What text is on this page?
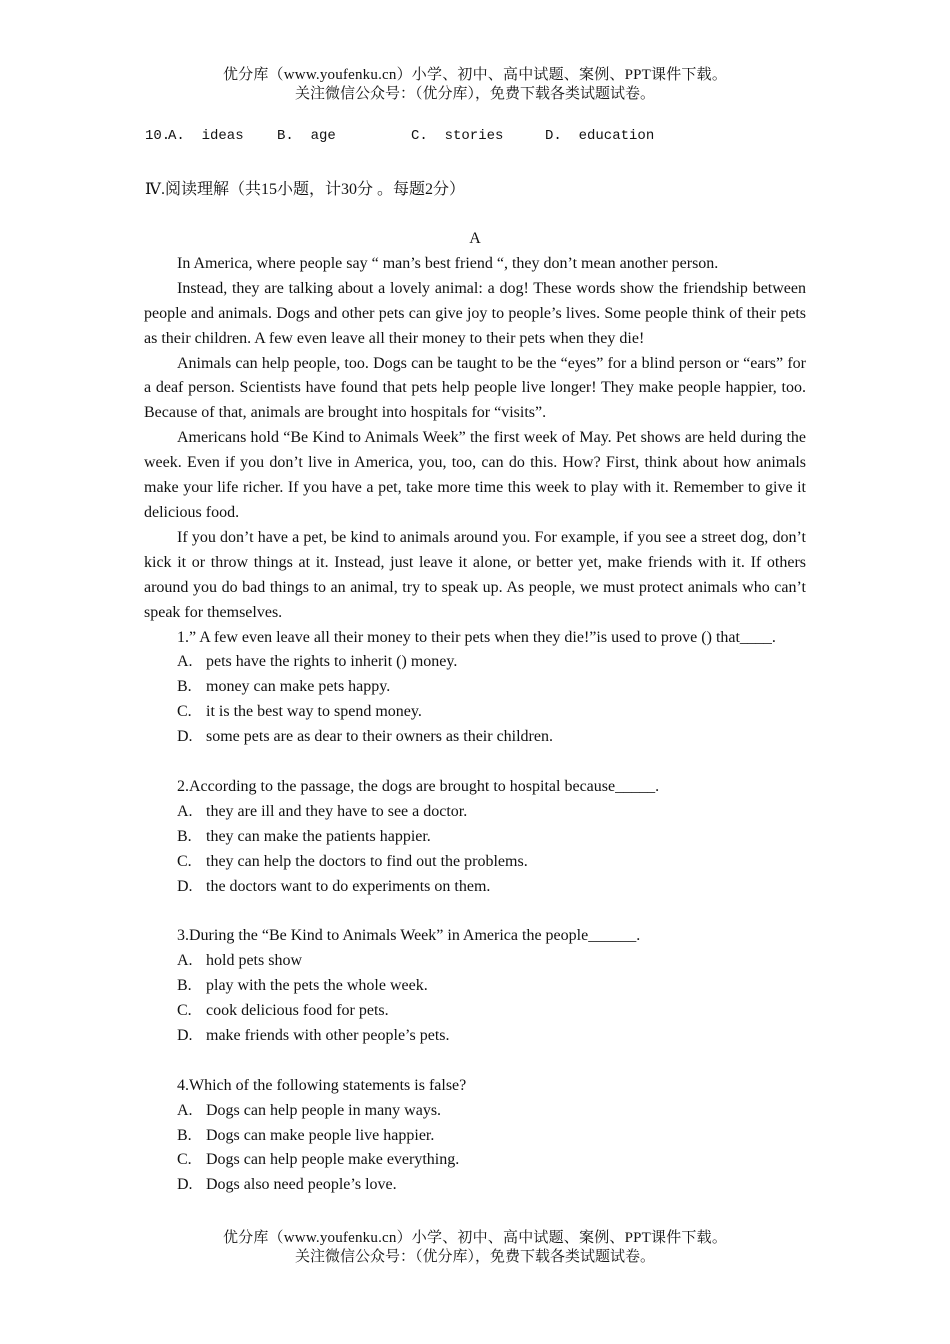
优分库（www.youfenku.cn）小学、初中、高中试题、案例、PPT课件下载。
关注微信公众号：（优分库），免费下载各类试题试卷。
10.
A.  ideas B.  age	C.  stories	D.  education
Ⅳ.阅读理解（共15小题，计30分 。每题2分）
A

In America, where people say “ man’s best friend “, they don’t mean another person.

Instead, they are talking about a lovely animal: a dog! These words show the friendship between people and animals. Dogs and other pets can give joy to people’s lives. Some people think of their pets as their children. A few even leave all their money to their pets when they die!

Animals can help people, too. Dogs can be taught to be the “eyes” for a blind person or “ears” for a deaf person. Scientists have found that pets help people live longer! They make people happier, too. Because of that, animals are brought into hospitals for “visits”.

Americans hold “Be Kind to Animals Week” the first week of May. Pet shows are held during the week. Even if you don’t live in America, you, too, can do this. How? First, think about how animals make your life richer. If you have a pet, take more time this week to play with it. Remember to give it delicious food.

If you don’t have a pet, be kind to animals around you. For example, if you see a street dog, don’t kick it or throw things at it. Instead, just leave it alone, or better yet, make friends with it. If others around you do bad things to an animal, try to speak up. As people, we must protect animals who can’t speak for themselves.

1.” A few even leave all their money to their pets when they die!”is used to prove () that____.

A. pets have the rights to inherit () money.

B. money can make pets happy.

C. it is the best way to spend money.

D. some pets are as dear to their owners as their children.

2.According to the passage, the dogs are brought to hospital because_____.

A. they are ill and they have to see a doctor.

B. they can make the patients happier.

C. they can help the doctors to find out the problems.

D. the doctors want to do experiments on them.

3.During the “Be Kind to Animals Week” in America the people______.

A. hold pets show

B. play with the pets the whole week.

C. cook delicious food for pets.

D. make friends with other people’s pets.

4.Which of the following statements is false?

A. Dogs can help people in many ways.

B. Dogs can make people live happier.

C. Dogs can help people make everything.

D. Dogs also need people’s love.

优分库（www.youfenku.cn）小学、初中、高中试题、案例、PPT课件下载。
关注微信公众号：（优分库），免费下载各类试题试卷。
